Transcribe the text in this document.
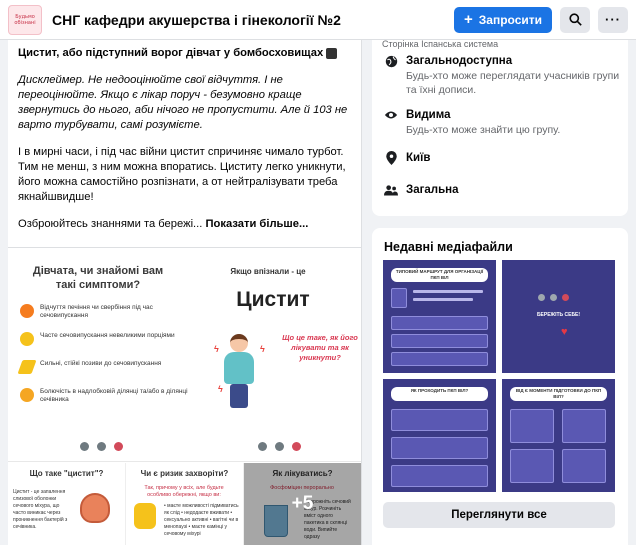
Будьмо обізнані	СНГ кафедри акушерства і гінекології №2	+ Запросити	···

Цистит, або підступний ворог дівчат у бомбосховищах

Дисклеймер. Не недооцінюйте свої відчуття. І не переоцінюйте. Якщо є лікар поруч - безумовно краще звернутись до нього, аби нічого не пропустити. Але й 103 не варто турбувати, самі розумієте.

І в мирні часи, і під час війни цистит спричиняє чимало турбот. Тим не менш, з ним можна впоратись. Циститу легко уникнути, його можна самостійно розпізнати, а от нейтралізувати треба якнайшвидше!

Озброюйтесь знаннями та бережі... Показати більше...

Дівчата, чи знайомі вам такі симптоми?
Відчуття печіння чи свербіння під час сечовипускання
Часте сечовипускання невеликими порціями
Сильні, стійкі позиви до сечовипускання
Болючість в надлобковій ділянці та/або в ділянці сечівника
Якщо впізнали - це
Цистит
ϟ	ϟ
ϟ
Що це таке, як його лікувати та як уникнути?
Що таке "цистит"?
Цистит - це запалення слизової оболонки сечового міхура, що часто виникає через проникнення бактерій з сечівника.
Чи є ризик захворіти?
Так, причому у всіх, але будьте особливо обережні, якщо ви:
• маєте можливості підмиватись як слід • недодаєте вживати • сексуально активні • вагітні чи в менопаузі • маєте камінці у сечовому міхурі
Як лікуватись?
Фосфоміцин перорально
Спорожніть сечовий міхур. Розчиніть вміст одного пакетика в склянці води. Випийте одразу
+5
Сторінка Іспанська система
Загальнодоступна
Будь-хто може переглядати учасників групи та їхні дописи.
Видима
Будь-хто може знайти цю групу.
Київ
Загальна
Недавні медіафайли
ТИПОВИЙ МАРШРУТ ДЛЯ ОРГАНІЗАЦІЇ ПКП ВІЛ
БЕРЕЖІТЬ СЕБЕ!
♥
ЯК ПРОХОДИТЬ ПКП ВІЛ?	ВІД Є МОМЕНТИ ПІДГОТОВКИ ДО ПКП ВІЛ?
Переглянути все
